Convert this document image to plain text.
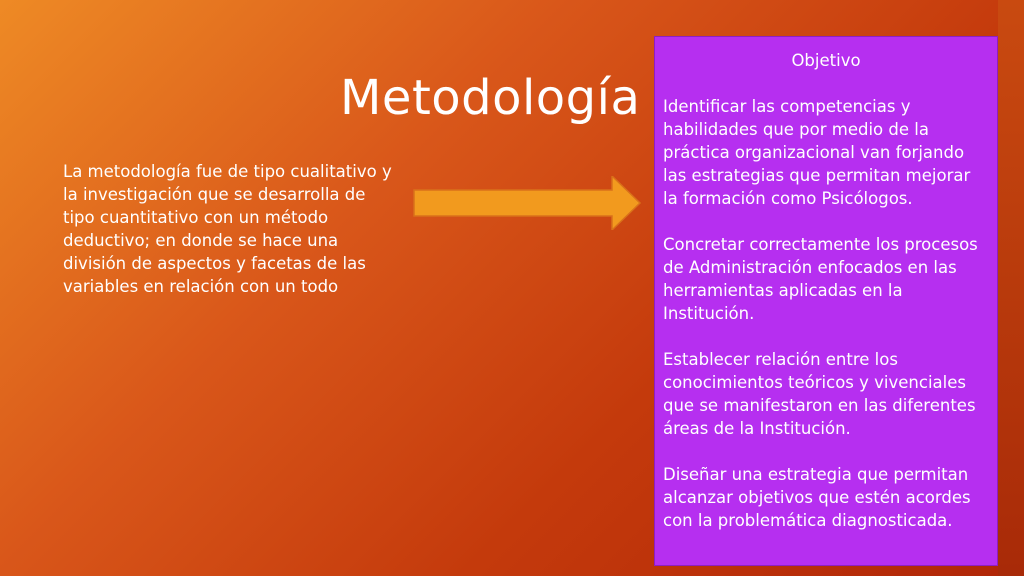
Metodología
La metodología fue de tipo cualitativo y la investigación que se desarrolla de tipo cuantitativo con un método deductivo; en donde se hace una división de aspectos y facetas de las variables en relación con un todo
Objetivo

Identificar las competencias y habilidades que por medio de la práctica organizacional van forjando las estrategias que permitan mejorar la formación como Psicólogos.

Concretar correctamente los procesos de Administración enfocados en las herramientas aplicadas en la Institución.

Establecer relación entre los conocimientos teóricos y vivenciales que se manifestaron en las diferentes áreas de la Institución.

Diseñar una estrategia que permitan alcanzar objetivos que estén acordes con la problemática diagnosticada.
